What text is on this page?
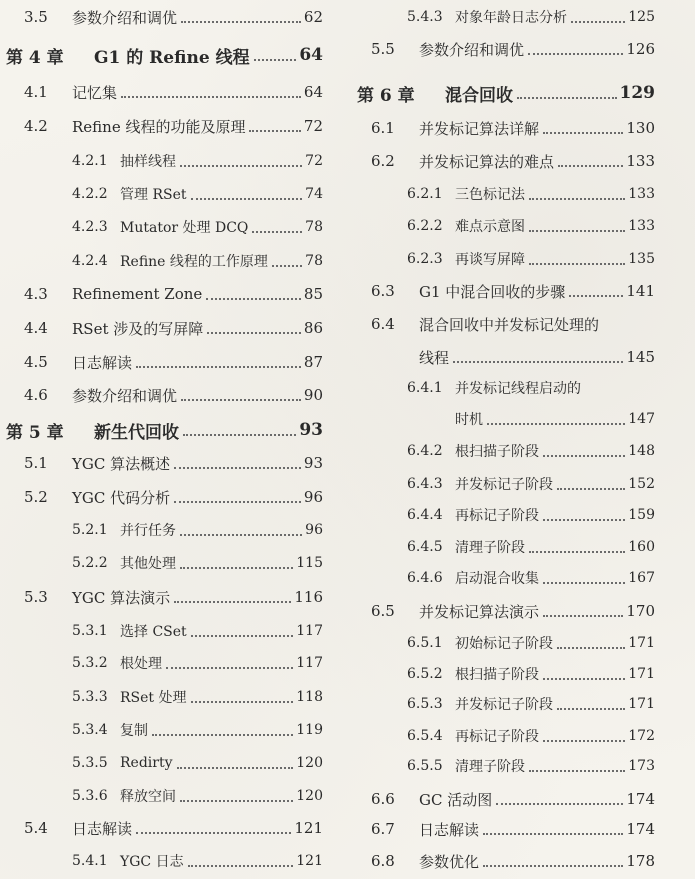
3.5	参数介绍和调优	62
第 4 章	G1 的 Refine 线程	64
4.1	记忆集	64
4.2	Refine 线程的功能及原理	72
4.2.1 抽样线程	72
4.2.2 管理 RSet	74
4.2.3 Mutator 处理 DCQ	78
4.2.4 Refine 线程的工作原理	78
4.3	Refinement Zone	85
4.4	RSet 涉及的写屏障	86
4.5	日志解读	87
4.6	参数介绍和调优	90
第 5 章	新生代回收	93
5.1	YGC 算法概述	93
5.2	YGC 代码分析	96
5.2.1 并行任务	96
5.2.2 其他处理	115
5.3	YGC 算法演示	116
5.3.1 选择 CSet	117
5.3.2 根处理	117
5.3.3 RSet 处理	118
5.3.4 复制	119
5.3.5 Redirty	120
5.3.6 释放空间	120
5.4	日志解读	121
5.4.1 YGC 日志	121
5.4.3 对象年龄日志分析	125
5.5	参数介绍和调优	126
第 6 章	混合回收	129
6.1	并发标记算法详解	130
6.2	并发标记算法的难点	133
6.2.1 三色标记法	133
6.2.2 难点示意图	133
6.2.3 再谈写屏障	135
6.3	G1 中混合回收的步骤	141
6.4	混合回收中并发标记处理的
线程	145
6.4.1 并发标记线程启动的
时机	147
6.4.2 根扫描子阶段	148
6.4.3 并发标记子阶段	152
6.4.4 再标记子阶段	159
6.4.5 清理子阶段	160
6.4.6 启动混合收集	167
6.5	并发标记算法演示	170
6.5.1 初始标记子阶段	171
6.5.2 根扫描子阶段	171
6.5.3 并发标记子阶段	171
6.5.4 再标记子阶段	172
6.5.5 清理子阶段	173
6.6	GC 活动图	174
6.7	日志解读	174
6.8	参数优化	178
